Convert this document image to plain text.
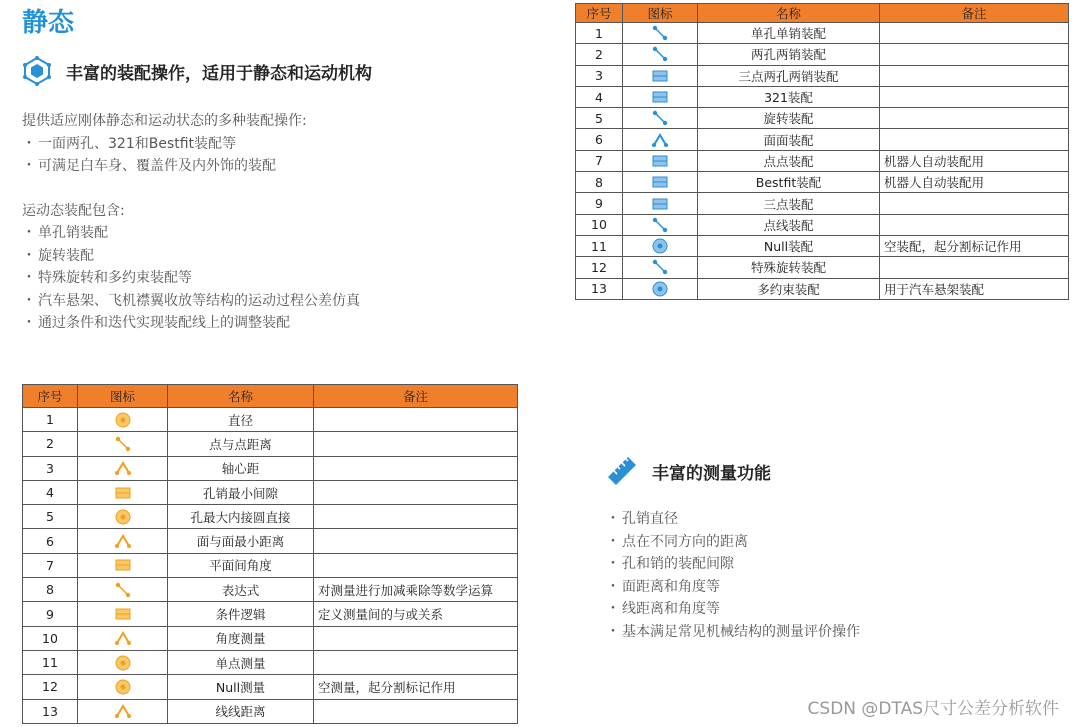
静态
丰富的装配操作，适用于静态和运动机构
提供适应刚体静态和运动状态的多种装配操作:
・ 一面两孔、321和Bestfit装配等
・ 可满足白车身、覆盖件及内外饰的装配
运动态装配包含:
・ 单孔销装配
・ 旋转装配
・ 特殊旋转和多约束装配等
・ 汽车悬架、飞机襟翼收放等结构的运动过程公差仿真
・ 通过条件和迭代实现装配线上的调整装配
序号	图标	名称	备注
1		单孔单销装配	
2		两孔两销装配	
3		三点两孔两销装配	
4		321装配	
5		旋转装配	
6		面面装配	
7		点点装配	机器人自动装配用
8		Bestfit装配	机器人自动装配用
9		三点装配	
10		点线装配	
11		Null装配	空装配，起分割标记作用
12		特殊旋转装配	
13		多约束装配	用于汽车悬架装配
序号	图标	名称	备注
1		直径	
2		点与点距离	
3		轴心距	
4		孔销最小间隙	
5		孔最大内接圆直接	
6		面与面最小距离	
7		平面间角度	
8		表达式	对测量进行加减乘除等数学运算
9		条件逻辑	定义测量间的与或关系
10		角度测量	
11		单点测量	
12		Null测量	空测量，起分割标记作用
13		线线距离	
丰富的测量功能
・ 孔销直径
・ 点在不同方向的距离
・ 孔和销的装配间隙
・ 面距离和角度等
・ 线距离和角度等
・ 基本满足常见机械结构的测量评价操作
CSDN @DTAS尺寸公差分析软件
